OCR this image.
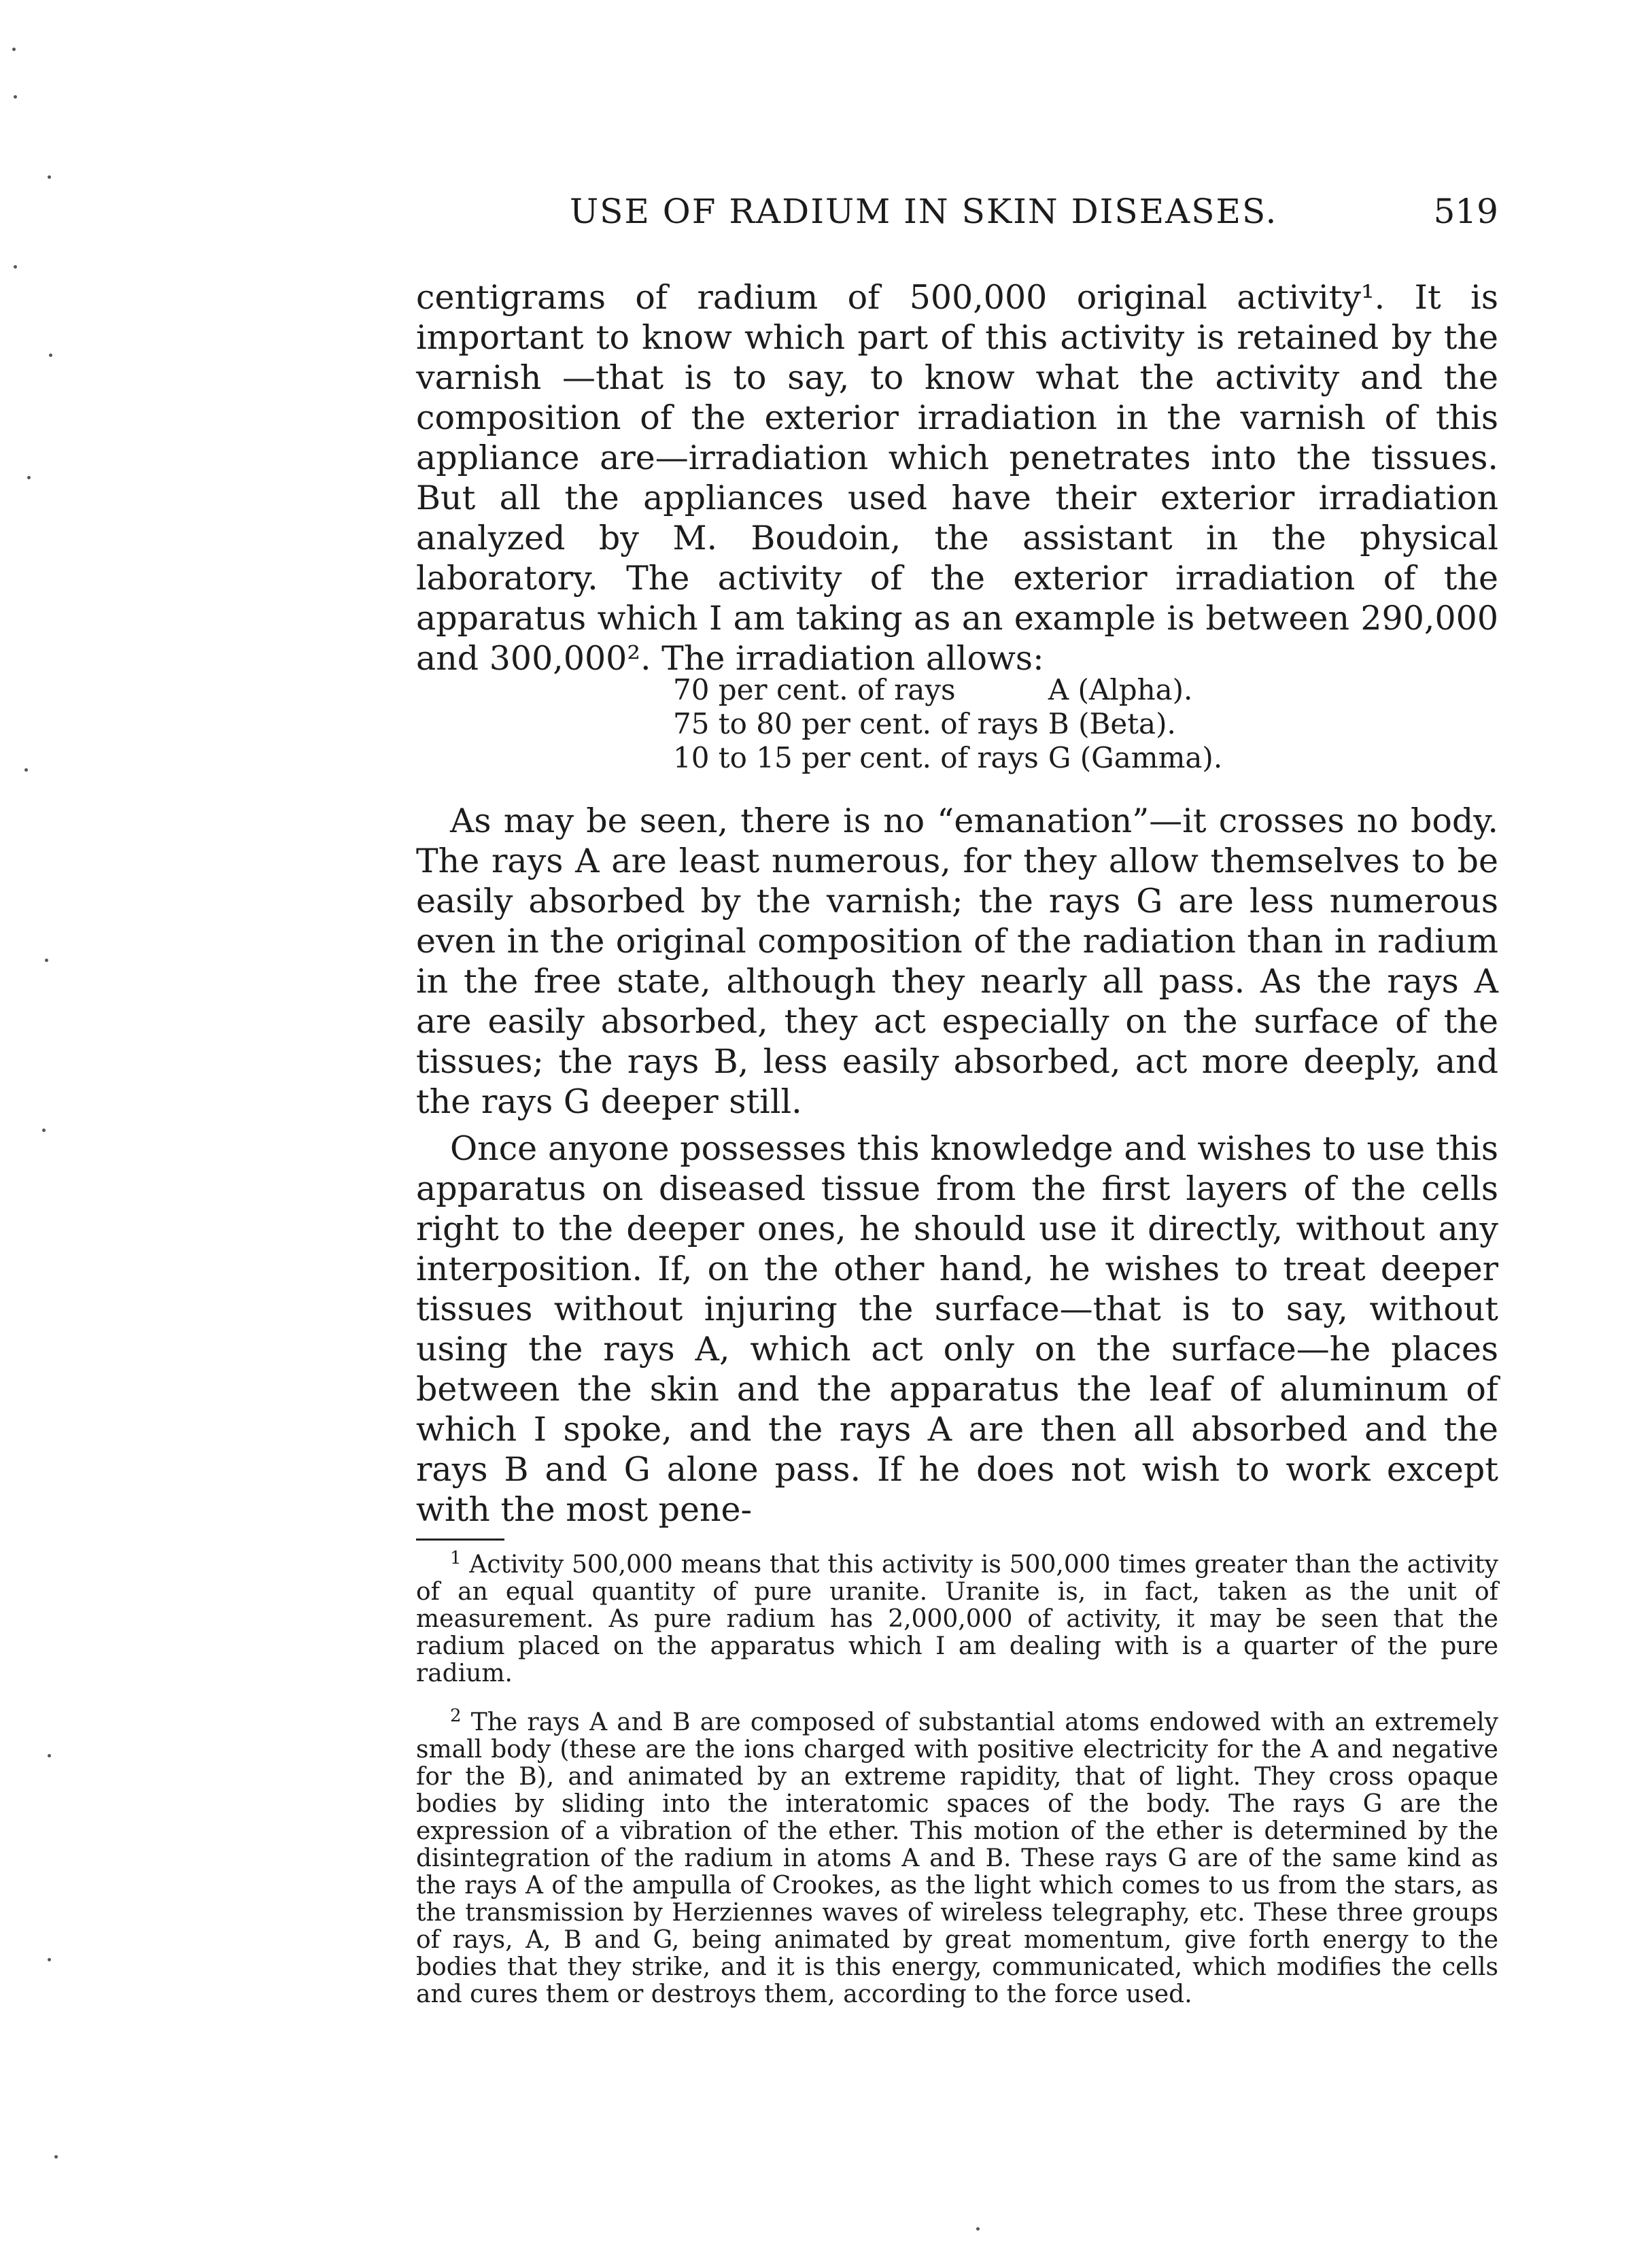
USE OF RADIUM IN SKIN DISEASES.	519

centigrams of radium of 500,000 original activity¹. It is important to know which part of this activity is retained by the varnish —that is to say, to know what the activity and the composition of the exterior irradiation in the varnish of this appliance are—irradiation which penetrates into the tissues. But all the appliances used have their exterior irradiation analyzed by M. Boudoin, the assistant in the physical laboratory. The activity of the exterior irradiation of the apparatus which I am taking as an example is between 290,000 and 300,000². The irradiation allows:

70 per cent. of rays	A (Alpha).
75 to 80 per cent. of rays	B (Beta).
10 to 15 per cent. of rays	G (Gamma).

As may be seen, there is no “emanation”—it crosses no body. The rays A are least numerous, for they allow themselves to be easily absorbed by the varnish; the rays G are less numerous even in the original composition of the radiation than in radium in the free state, although they nearly all pass. As the rays A are easily absorbed, they act especially on the surface of the tissues; the rays B, less easily absorbed, act more deeply, and the rays G deeper still.

Once anyone possesses this knowledge and wishes to use this apparatus on diseased tissue from the first layers of the cells right to the deeper ones, he should use it directly, without any interposition. If, on the other hand, he wishes to treat deeper tissues without injuring the surface—that is to say, without using the rays A, which act only on the surface—he places between the skin and the apparatus the leaf of aluminum of which I spoke, and the rays A are then all absorbed and the rays B and G alone pass. If he does not wish to work except with the most pene-

$^1$ Activity 500,000 means that this activity is 500,000 times greater than the activity of an equal quantity of pure uranite. Uranite is, in fact, taken as the unit of measurement. As pure radium has 2,000,000 of activity, it may be seen that the radium placed on the apparatus which I am dealing with is a quarter of the pure radium.

$^2$ The rays A and B are composed of substantial atoms endowed with an extremely small body (these are the ions charged with positive electricity for the A and negative for the B), and animated by an extreme rapidity, that of light. They cross opaque bodies by sliding into the interatomic spaces of the body. The rays G are the expression of a vibration of the ether. This motion of the ether is determined by the disintegration of the radium in atoms A and B. These rays G are of the same kind as the rays A of the ampulla of Crookes, as the light which comes to us from the stars, as the transmission by Herziennes waves of wireless telegraphy, etc. These three groups of rays, A, B and G, being animated by great momentum, give forth energy to the bodies that they strike, and it is this energy, communicated, which modifies the cells and cures them or destroys them, according to the force used.
